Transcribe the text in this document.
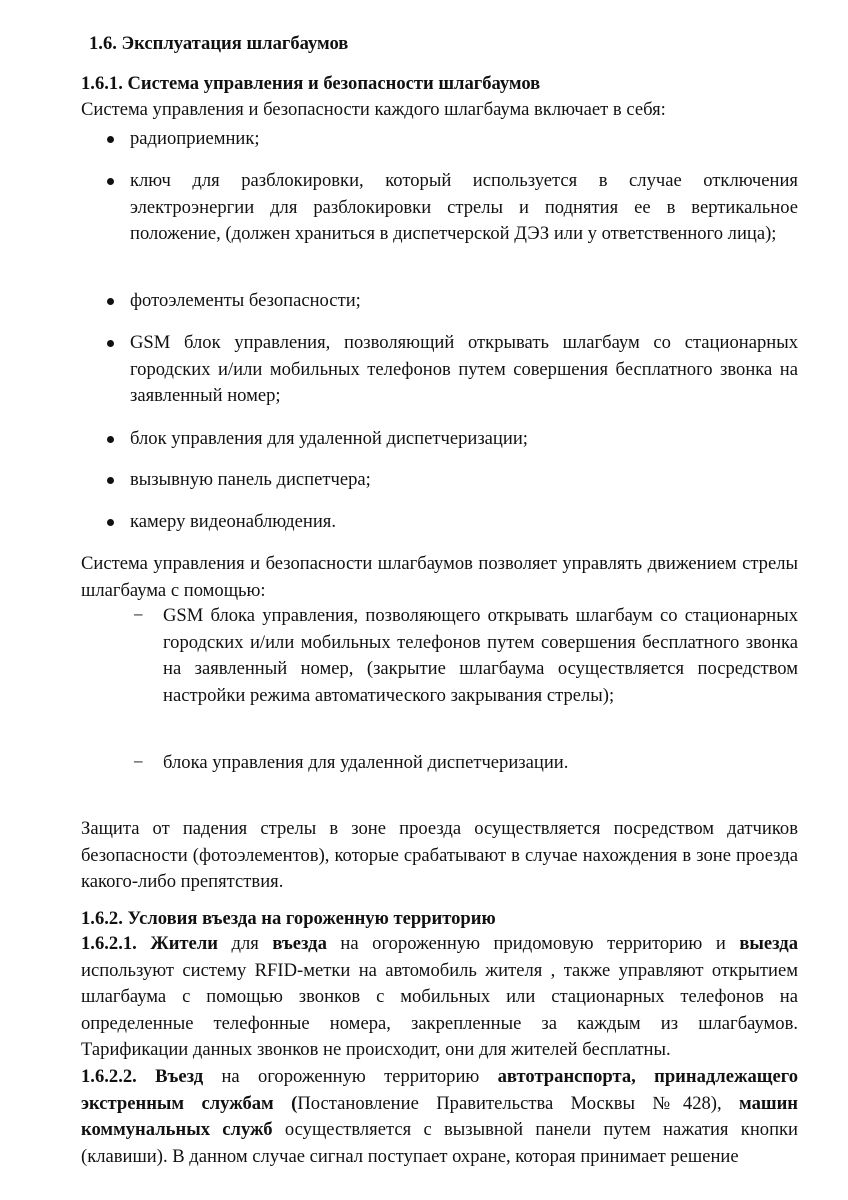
1.6. Эксплуатация шлагбаумов
1.6.1. Система управления и безопасности шлагбаумов
Система управления и безопасности каждого шлагбаума включает в себя:
радиоприемник;
ключ для разблокировки, который используется в случае отключения электроэнергии для разблокировки стрелы и поднятия ее в вертикальное положение, (должен храниться в диспетчерской ДЭЗ или у ответственного лица);
фотоэлементы безопасности;
GSM блок управления, позволяющий открывать шлагбаум со стационарных городских и/или мобильных телефонов путем совершения бесплатного звонка на заявленный номер;
блок управления для удаленной диспетчеризации;
вызывную панель диспетчера;
камеру видеонаблюдения.
Система управления и безопасности шлагбаумов позволяет управлять движением стрелы шлагбаума с помощью:
−	GSM блока управления, позволяющего открывать шлагбаум со стационарных городских и/или мобильных телефонов путем совершения бесплатного звонка на заявленный номер, (закрытие шлагбаума осуществляется посредством настройки режима автоматического закрывания стрелы);
−	блока управления для удаленной диспетчеризации.
Защита от падения стрелы в зоне проезда осуществляется посредством датчиков безопасности (фотоэлементов), которые срабатывают в случае нахождения в зоне проезда какого-либо препятствия.
1.6.2. Условия въезда на гороженную территорию
1.6.2.1. Жители для въезда на огороженную придомовую территорию и выезда используют систему RFID-метки на автомобиль жителя , также управляют открытием шлагбаума с помощью звонков с мобильных или стационарных телефонов на определенные телефонные номера, закрепленные за каждым из шлагбаумов. Тарификации данных звонков не происходит, они для жителей бесплатны.
1.6.2.2. Въезд на огороженную территорию автотранспорта, принадлежащего экстренным службам (Постановление Правительства Москвы №428), машин коммунальных служб осуществляется с вызывной панели путем нажатия кнопки (клавиши). В данном случае сигнал поступает охране, которая принимает решение
